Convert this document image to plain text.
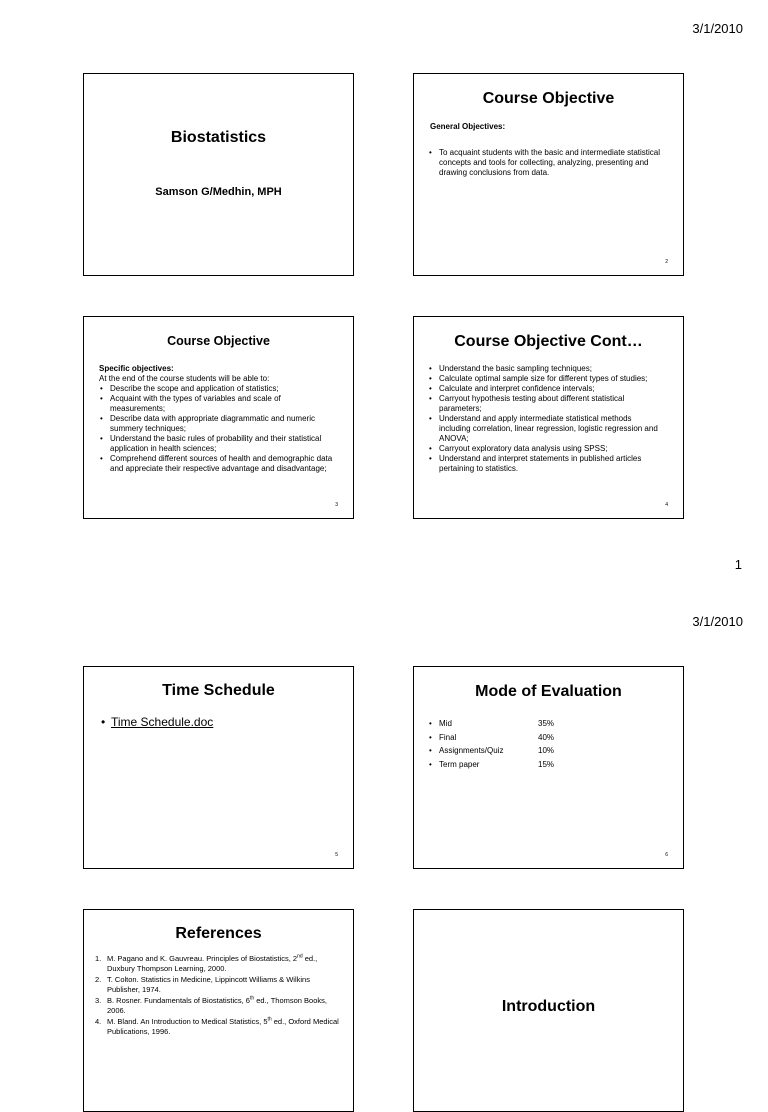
3/1/2010
Biostatistics
Samson G/Medhin, MPH
Course Objective
General Objectives:
• To acquaint students with the basic and intermediate statistical concepts and tools for collecting, analyzing, presenting and drawing conclusions from data.
2
Course Objective
Specific objectives:
At the end of the course students will be able to:
• Describe the scope and application of statistics;
• Acquaint with the types of variables and scale of measurements;
• Describe data with appropriate diagrammatic and numeric summery techniques;
• Understand the basic rules of probability and their statistical application in health sciences;
• Comprehend different sources of health and demographic data and appreciate their respective advantage and disadvantage;
3
Course Objective Cont…
• Understand the basic sampling techniques;
• Calculate optimal sample size for different types of studies;
• Calculate and interpret confidence intervals;
• Carryout hypothesis testing about different statistical parameters;
• Understand and apply intermediate statistical methods including correlation, linear regression, logistic regression and ANOVA;
• Carryout exploratory data analysis using SPSS;
• Understand and interpret statements in published articles pertaining to statistics.
4
1
3/1/2010
Time Schedule
• Time Schedule.doc
5
Mode of Evaluation
• Mid	35%
• Final	40%
• Assignments/Quiz	10%
• Term paper	15%
6
References
1. M. Pagano and K. Gauvreau. Principles of Biostatistics, 2nd ed., Duxbury Thompson Learning, 2000.
2. T. Colton. Statistics in Medicine, Lippincott Williams & Wilkins Publisher, 1974.
3. B. Rosner. Fundamentals of Biostatistics, 6th ed., Thomson Books, 2006.
4. M. Bland. An Introduction to Medical Statistics, 5th ed., Oxford Medical Publications, 1996.
Introduction
